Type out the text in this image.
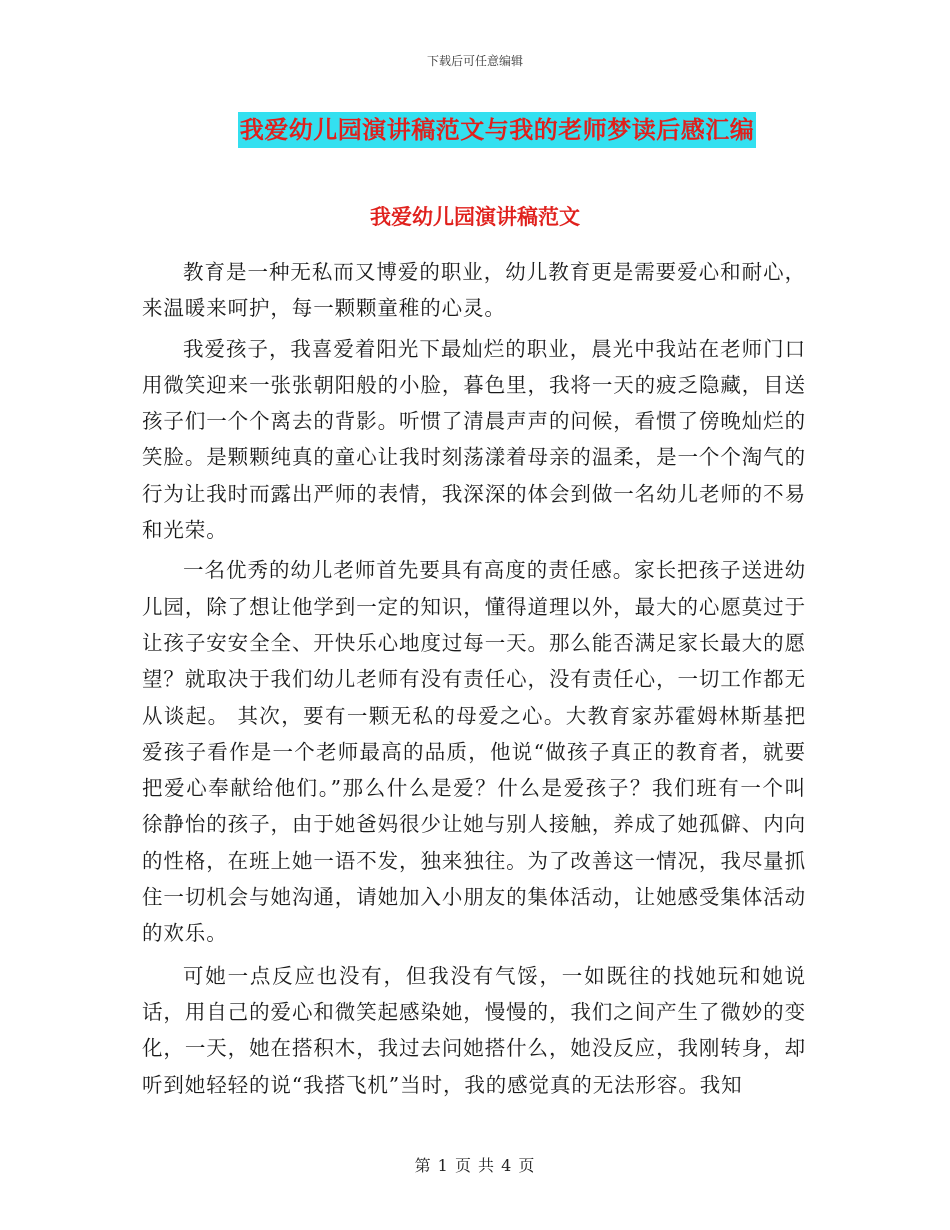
下载后可任意编辑
我爱幼儿园演讲稿范文与我的老师梦读后感汇编
我爱幼儿园演讲稿范文

教育是一种无私而又博爱的职业，幼儿教育更是需要爱心和耐心，来温暖来呵护，每一颗颗童稚的心灵。

我爱孩子，我喜爱着阳光下最灿烂的职业，晨光中我站在老师门口用微笑迎来一张张朝阳般的小脸，暮色里，我将一天的疲乏隐藏，目送孩子们一个个离去的背影。听惯了清晨声声的问候，看惯了傍晚灿烂的笑脸。是颗颗纯真的童心让我时刻荡漾着母亲的温柔，是一个个淘气的行为让我时而露出严师的表情，我深深的体会到做一名幼儿老师的不易和光荣。

一名优秀的幼儿老师首先要具有高度的责任感。家长把孩子送进幼儿园，除了想让他学到一定的知识，懂得道理以外，最大的心愿莫过于让孩子安安全全、开快乐心地度过每一天。那么能否满足家长最大的愿望？就取决于我们幼儿老师有没有责任心，没有责任心，一切工作都无从谈起。 其次，要有一颗无私的母爱之心。大教育家苏霍姆林斯基把爱孩子看作是一个老师最高的品质，他说“做孩子真正的教育者，就要把爱心奉献给他们。”那么什么是爱？什么是爱孩子？我们班有一个叫徐静怡的孩子，由于她爸妈很少让她与别人接触，养成了她孤僻、内向的性格，在班上她一语不发，独来独往。为了改善这一情况，我尽量抓住一切机会与她沟通，请她加入小朋友的集体活动，让她感受集体活动的欢乐。

可她一点反应也没有，但我没有气馁，一如既往的找她玩和她说话，用自己的爱心和微笑起感染她，慢慢的，我们之间产生了微妙的变化，一天，她在搭积木，我过去问她搭什么，她没反应，我刚转身，却听到她轻轻的说“我搭飞机”当时，我的感觉真的无法形容。我知

第 1 页 共 4 页
